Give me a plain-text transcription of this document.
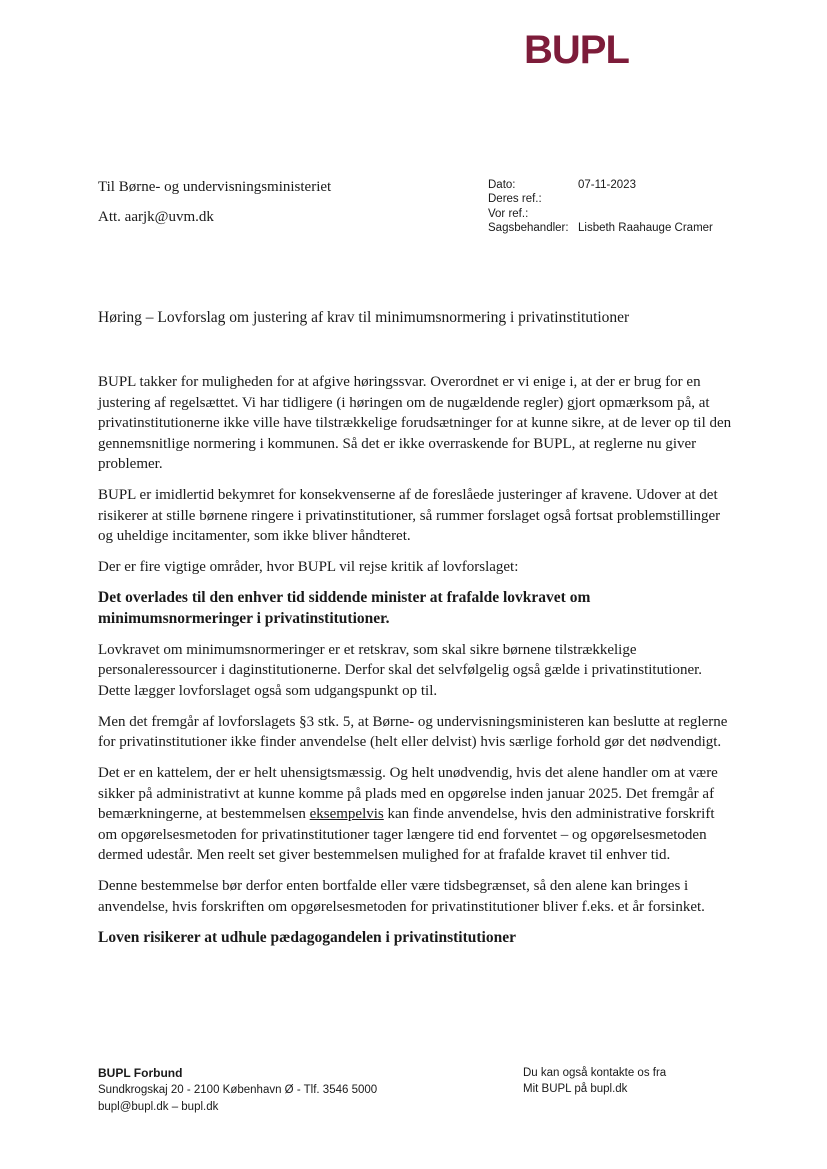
BUPL
Til Børne- og undervisningsministeriet
Att. aarjk@uvm.dk
Dato:	07-11-2023
Deres ref.:
Vor ref.:
Sagsbehandler: Lisbeth Raahauge Cramer
Høring – Lovforslag om justering af krav til minimumsnormering i privatinstitutioner

BUPL takker for muligheden for at afgive høringssvar. Overordnet er vi enige i, at der er brug for en justering af regelsættet. Vi har tidligere (i høringen om de nugældende regler) gjort opmærksom på, at privatinstitutionerne ikke ville have tilstrækkelige forudsætninger for at kunne sikre, at de lever op til den gennemsnitlige normering i kommunen. Så det er ikke overraskende for BUPL, at reglerne nu giver problemer.

BUPL er imidlertid bekymret for konsekvenserne af de foreslåede justeringer af kravene. Udover at det risikerer at stille børnene ringere i privatinstitutioner, så rummer forslaget også fortsat problemstillinger og uheldige incitamenter, som ikke bliver håndteret.

Der er fire vigtige områder, hvor BUPL vil rejse kritik af lovforslaget:

Det overlades til den enhver tid siddende minister at frafalde lovkravet om minimumsnormeringer i privatinstitutioner.

Lovkravet om minimumsnormeringer er et retskrav, som skal sikre børnene tilstrækkelige personaleressourcer i daginstitutionerne. Derfor skal det selvfølgelig også gælde i privatinstitutioner. Dette lægger lovforslaget også som udgangspunkt op til.

Men det fremgår af lovforslagets §3 stk. 5, at Børne- og undervisningsministeren kan beslutte at reglerne for privatinstitutioner ikke finder anvendelse (helt eller delvist) hvis særlige forhold gør det nødvendigt.

Det er en kattelem, der er helt uhensigtsmæssig. Og helt unødvendig, hvis det alene handler om at være sikker på administrativt at kunne komme på plads med en opgørelse inden januar 2025. Det fremgår af bemærkningerne, at bestemmelsen eksempelvis kan finde anvendelse, hvis den administrative forskrift om opgørelsesmetoden for privatinstitutioner tager længere tid end forventet – og opgørelsesmetoden dermed udestår. Men reelt set giver bestemmelsen mulighed for at frafalde kravet til enhver tid.

Denne bestemmelse bør derfor enten bortfalde eller være tidsbegrænset, så den alene kan bringes i anvendelse, hvis forskriften om opgørelsesmetoden for privatinstitutioner bliver f.eks. et år forsinket.

Loven risikerer at udhule pædagogandelen i privatinstitutioner
BUPL Forbund
Sundkrogskaj 20 - 2100 København Ø - Tlf. 3546 5000
bupl@bupl.dk – bupl.dk
Du kan også kontakte os fra
Mit BUPL på bupl.dk
